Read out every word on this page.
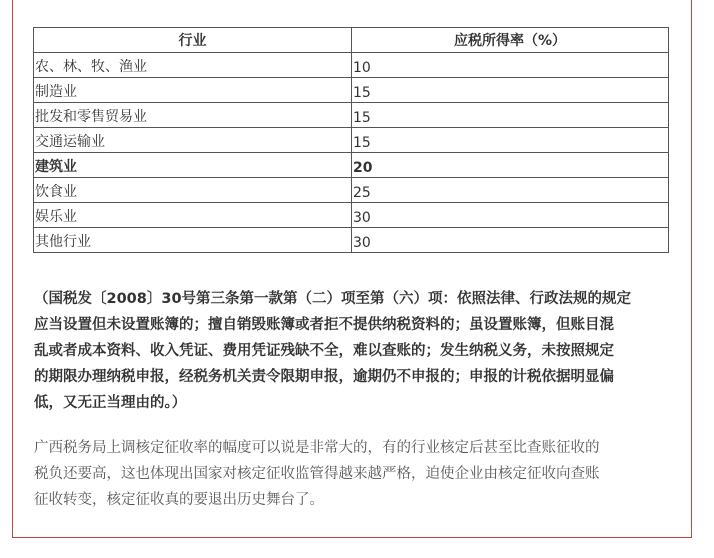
行业	应税所得率（%）
农、林、牧、渔业	10
制造业	15
批发和零售贸易业	15
交通运输业	15
建筑业	20
饮食业	25
娱乐业	30
其他行业	30
（国税发〔2008〕30号第三条第一款第（二）项至第（六）项：依照法律、行政法规的规定
应当设置但未设置账簿的；擅自销毁账簿或者拒不提供纳税资料的；虽设置账簿，但账目混
乱或者成本资料、收入凭证、费用凭证残缺不全，难以查账的；发生纳税义务，未按照规定
的期限办理纳税申报，经税务机关责令限期申报，逾期仍不申报的；申报的计税依据明显偏
低，又无正当理由的。）
广西税务局上调核定征收率的幅度可以说是非常大的，有的行业核定后甚至比查账征收的
税负还要高，这也体现出国家对核定征收监管得越来越严格，迫使企业由核定征收向查账
征收转变，核定征收真的要退出历史舞台了。
